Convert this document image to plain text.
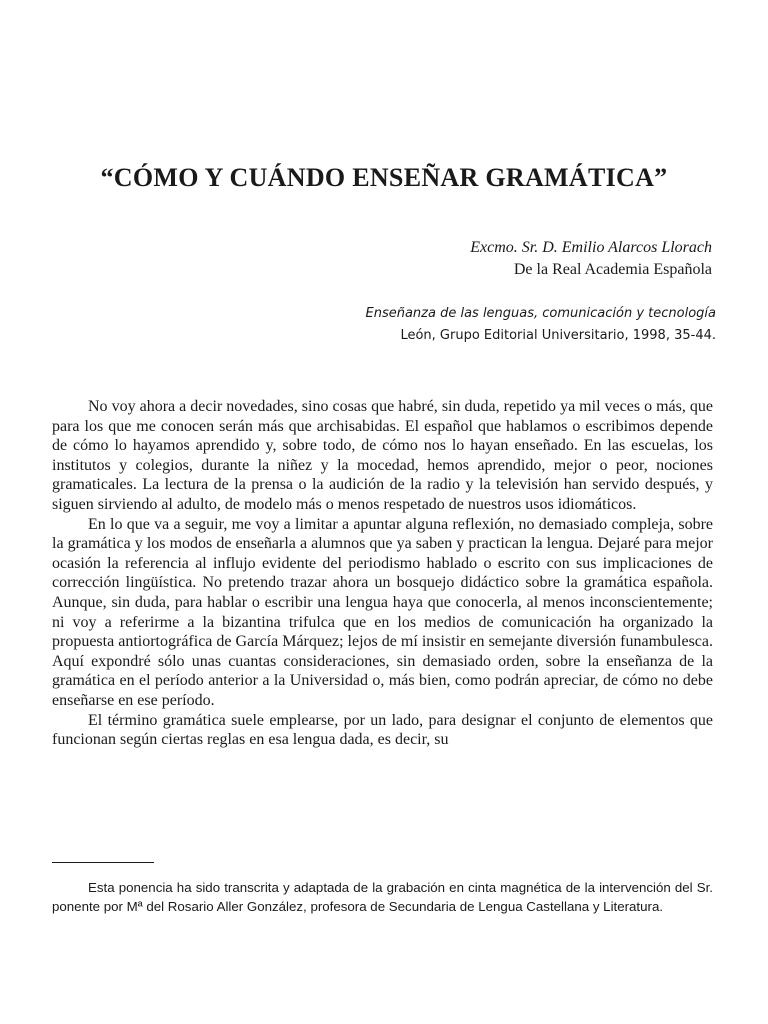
“CÓMO Y CUÁNDO ENSEÑAR GRAMÁTICA”
Excmo. Sr. D. Emilio Alarcos Llorach
De la Real Academia Española
Enseñanza de las lenguas, comunicación y tecnología
León, Grupo Editorial Universitario, 1998, 35-44.

No voy ahora a decir novedades, sino cosas que habré, sin duda, repetido ya mil veces o más, que para los que me conocen serán más que archisabidas. El español que hablamos o escribimos depende de cómo lo hayamos aprendido y, sobre todo, de cómo nos lo hayan enseñado. En las escuelas, los institutos y colegios, durante la niñez y la mocedad, hemos aprendido, mejor o peor, nociones gramaticales. La lectura de la prensa o la audición de la radio y la televisión han servido después, y siguen sirviendo al adulto, de modelo más o menos respetado de nuestros usos idiomáticos.

En lo que va a seguir, me voy a limitar a apuntar alguna reflexión, no demasiado compleja, sobre la gramática y los modos de enseñarla a alumnos que ya saben y practican la lengua. Dejaré para mejor ocasión la referencia al influjo evidente del periodismo hablado o escrito con sus implicaciones de corrección lingüística. No pretendo trazar ahora un bosquejo didáctico sobre la gramática española. Aunque, sin duda, para hablar o escribir una lengua haya que conocerla, al menos inconscientemente; ni voy a referirme a la bizantina trifulca que en los medios de comunicación ha organizado la propuesta antiortográfica de García Márquez; lejos de mí insistir en semejante diversión funambulesca. Aquí expondré sólo unas cuantas consideraciones, sin demasiado orden, sobre la enseñanza de la gramática en el período anterior a la Universidad o, más bien, como podrán apreciar, de cómo no debe enseñarse en ese período.

El término gramática suele emplearse, por un lado, para designar el conjunto de elementos que funcionan según ciertas reglas en esa lengua dada, es decir, su

Esta ponencia ha sido transcrita y adaptada de la grabación en cinta magnética de la intervención del Sr. ponente por Mª del Rosario Aller González, profesora de Secundaria de Lengua Castellana y Literatura.
